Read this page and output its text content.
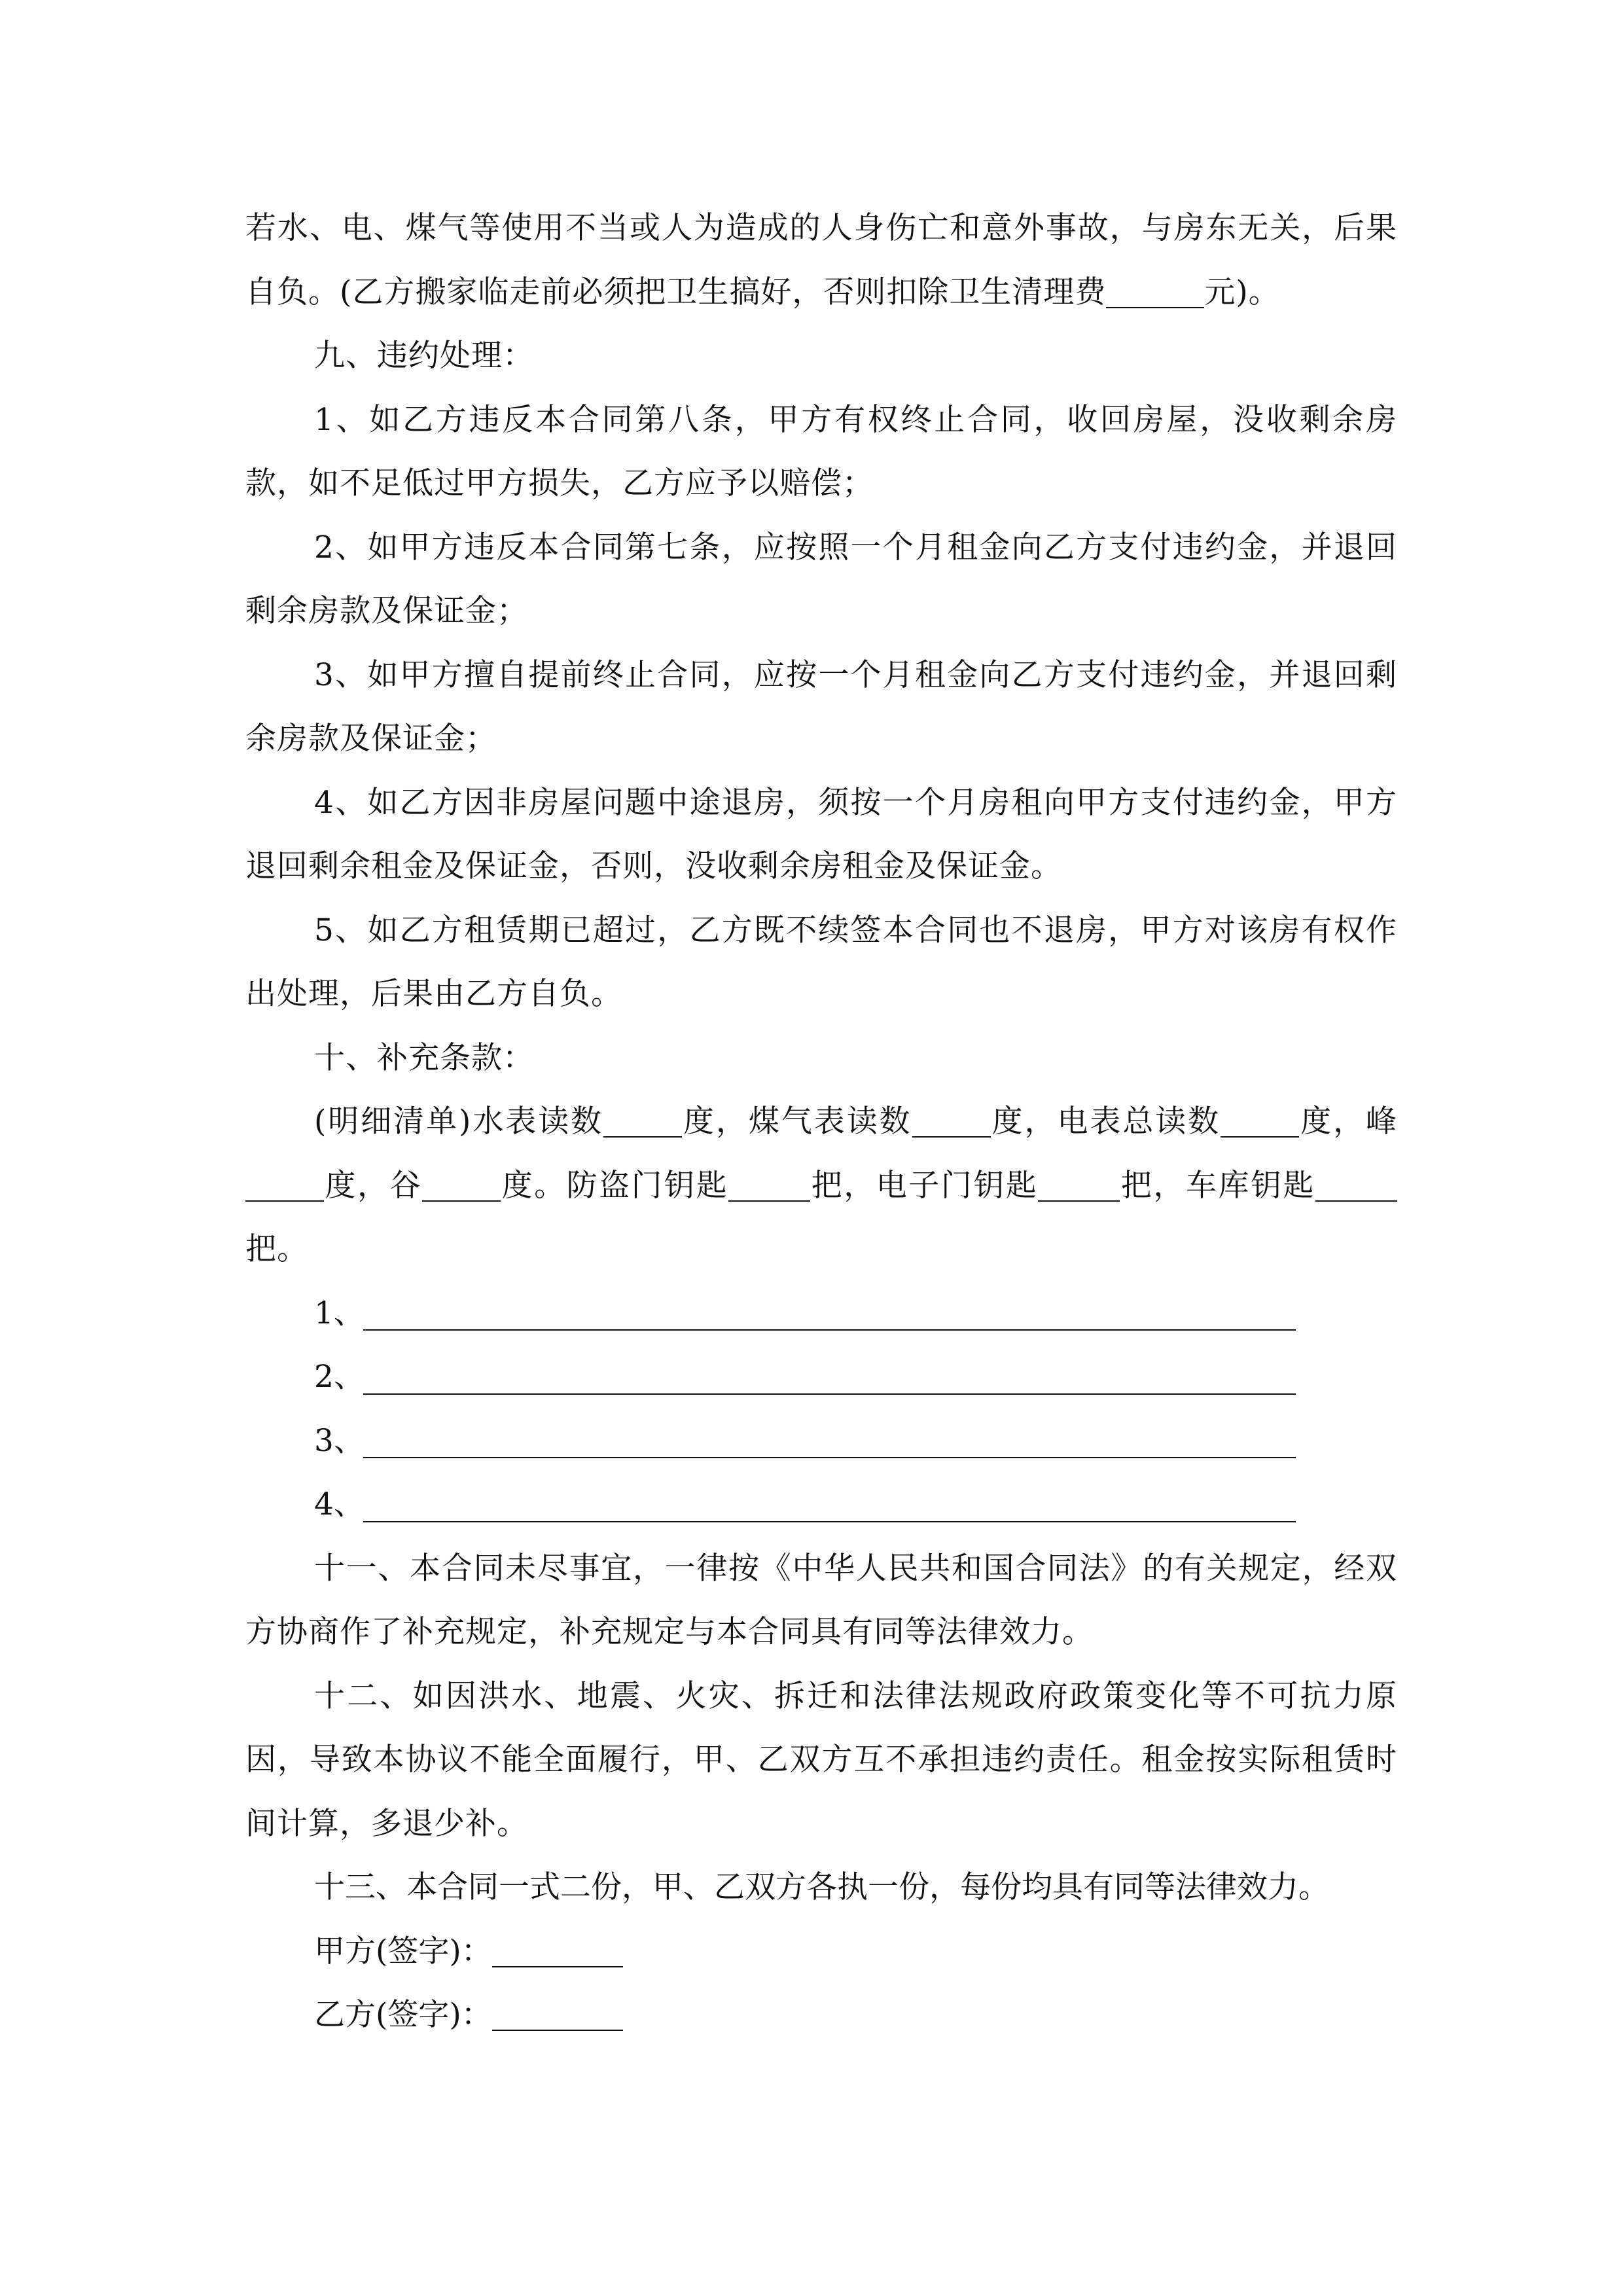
若水、电、煤气等使用不当或人为造成的人身伤亡和意外事故，与房东无关，后果自负。(乙方搬家临走前必须把卫生搞好，否则扣除卫生清理费	元)。

九、违约处理：

1、如乙方违反本合同第八条，甲方有权终止合同，收回房屋，没收剩余房款，如不足低过甲方损失，乙方应予以赔偿；

2、如甲方违反本合同第七条，应按照一个月租金向乙方支付违约金，并退回剩余房款及保证金；

3、如甲方擅自提前终止合同，应按一个月租金向乙方支付违约金，并退回剩余房款及保证金；

4、如乙方因非房屋问题中途退房，须按一个月房租向甲方支付违约金，甲方退回剩余租金及保证金，否则，没收剩余房租金及保证金。

5、如乙方租赁期已超过，乙方既不续签本合同也不退房，甲方对该房有权作出处理，后果由乙方自负。

十、补充条款：

(明细清单)水表读数	度，煤气表读数	度，电表总读数	度，峰度，谷	度。防盗门钥匙	把，电子门钥匙	把，车库钥匙把。

1、
2、
3、
4、

十一、本合同未尽事宜，一律按《中华人民共和国合同法》的有关规定，经双方协商作了补充规定，补充规定与本合同具有同等法律效力。

十二、如因洪水、地震、火灾、拆迁和法律法规政府政策变化等不可抗力原因，导致本协议不能全面履行，甲、乙双方互不承担违约责任。租金按实际租赁时间计算，多退少补。

十三、本合同一式二份，甲、乙双方各执一份，每份均具有同等法律效力。

甲方(签字)：
乙方(签字)：
